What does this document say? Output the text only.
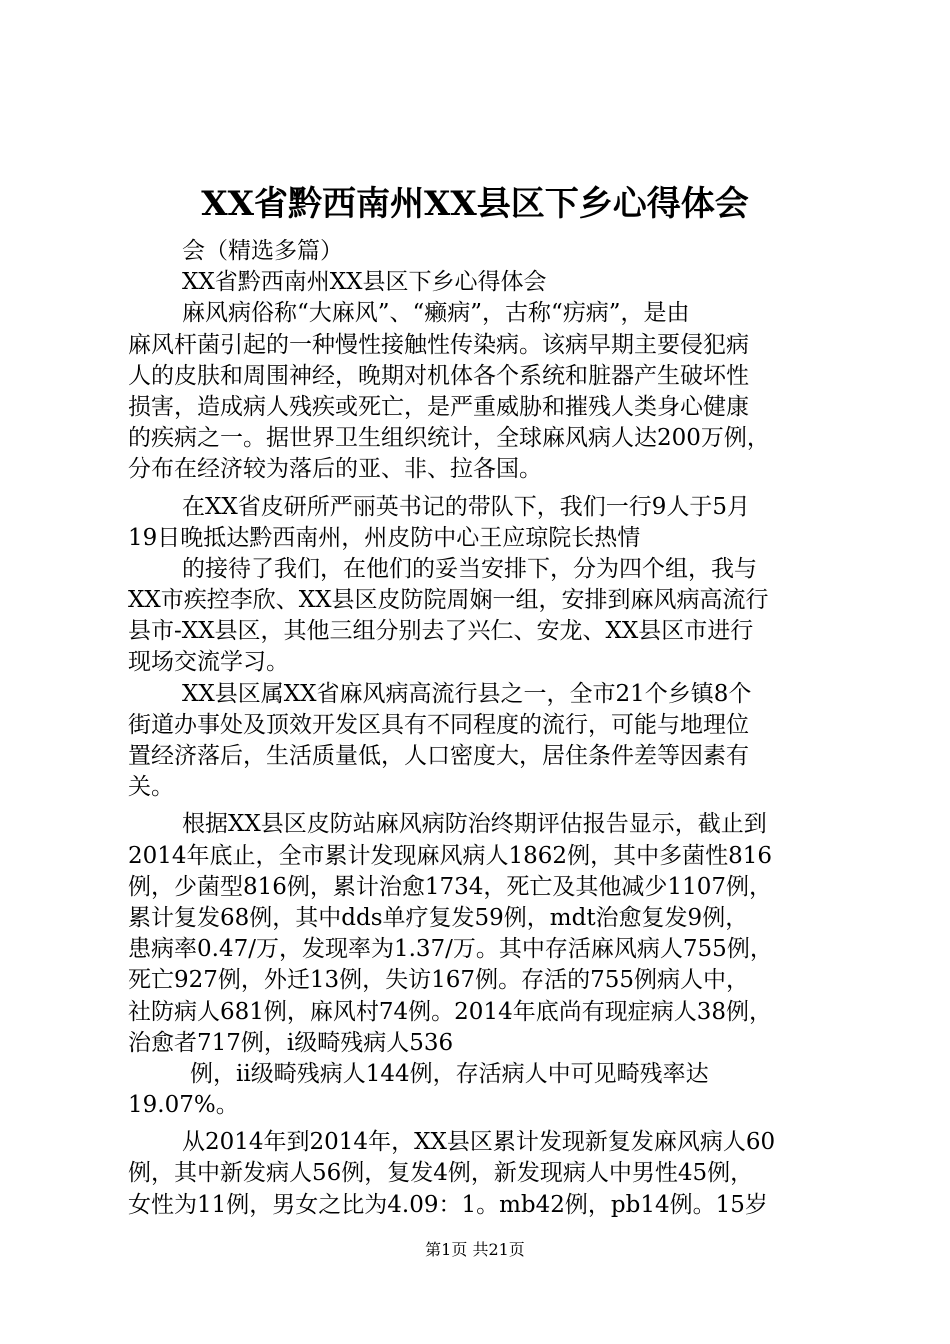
XX省黔西南州XX县区下乡心得体会
会（精选多篇）
XX省黔西南州XX县区下乡心得体会
麻风病俗称“大麻风”、“癞病”，古称“疠病”，是由
麻风杆菌引起的一种慢性接触性传染病。该病早期主要侵犯病
人的皮肤和周围神经，晚期对机体各个系统和脏器产生破坏性
损害，造成病人残疾或死亡，是严重威胁和摧残人类身心健康
的疾病之一。据世界卫生组织统计，全球麻风病人达200万例，
分布在经济较为落后的亚、非、拉各国。
在XX省皮研所严丽英书记的带队下，我们一行9人于5月
19日晚抵达黔西南州，州皮防中心王应琼院长热情
的接待了我们，在他们的妥当安排下，分为四个组，我与
XX市疾控李欣、XX县区皮防院周娴一组，安排到麻风病高流行
县市-XX县区，其他三组分别去了兴仁、安龙、XX县区市进行
现场交流学习。
XX县区属XX省麻风病高流行县之一，全市21个乡镇8个
街道办事处及顶效开发区具有不同程度的流行，可能与地理位
置经济落后，生活质量低，人口密度大，居住条件差等因素有
关。
根据XX县区皮防站麻风病防治终期评估报告显示，截止到
2014年底止，全市累计发现麻风病人1862例，其中多菌性816
例，少菌型816例，累计治愈1734，死亡及其他减少1107例，
累计复发68例，其中dds单疗复发59例，mdt治愈复发9例，
患病率0.47/万，发现率为1.37/万。其中存活麻风病人755例，
死亡927例，外迁13例，失访167例。存活的755例病人中，
社防病人681例，麻风村74例。2014年底尚有现症病人38例，
治愈者717例，i级畸残病人536
例，ii级畸残病人144例，存活病人中可见畸残率达
19.07%。
从2014年到2014年，XX县区累计发现新复发麻风病人60
例，其中新发病人56例，复发4例，新发现病人中男性45例，
女性为11例，男女之比为4.09：1。mb42例，pb14例。15岁
第1页 共21页
